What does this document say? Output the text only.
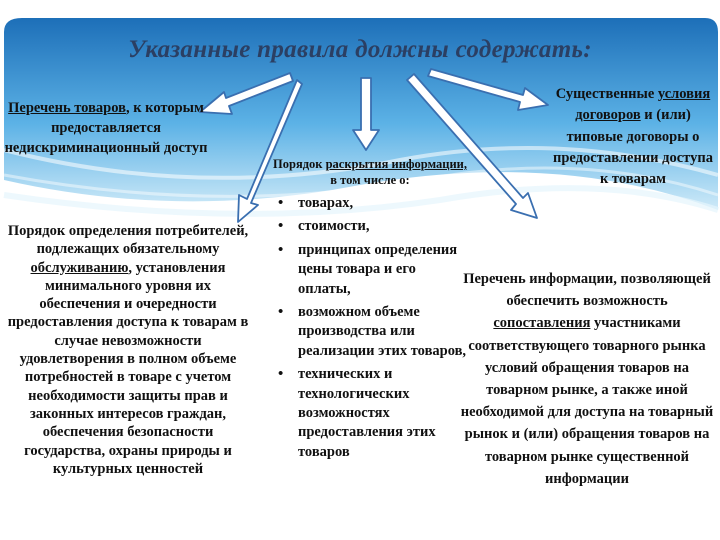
Указанные правила должны содержать:
Перечень товаров, к которым предоставляется недискриминационный доступ
Порядок определения потребителей, подлежащих обязательному обслуживанию, установления минимального уровня их обеспечения и очередности предоставления доступа к товарам в случае невозможности удовлетворения в полном объеме потребностей в товаре с учетом необходимости защиты прав и законных интересов граждан, обеспечения безопасности государства, охраны природы и культурных ценностей
Порядок раскрытия информации, в том числе о:
• товарах,
• стоимости,
• принципах определения цены товара и его оплаты,
• возможном объеме производства или реализации этих товаров,
• технических и технологических возможностях предоставления этих товаров
Существенные условия договоров и (или) типовые договоры о предоставлении доступа к товарам
Перечень информации, позволяющей обеспечить возможность сопоставления участниками соответствующего товарного рынка условий обращения товаров на товарном рынке, а также иной необходимой для доступа на товарный рынок и (или) обращения товаров на товарном рынке существенной информации
